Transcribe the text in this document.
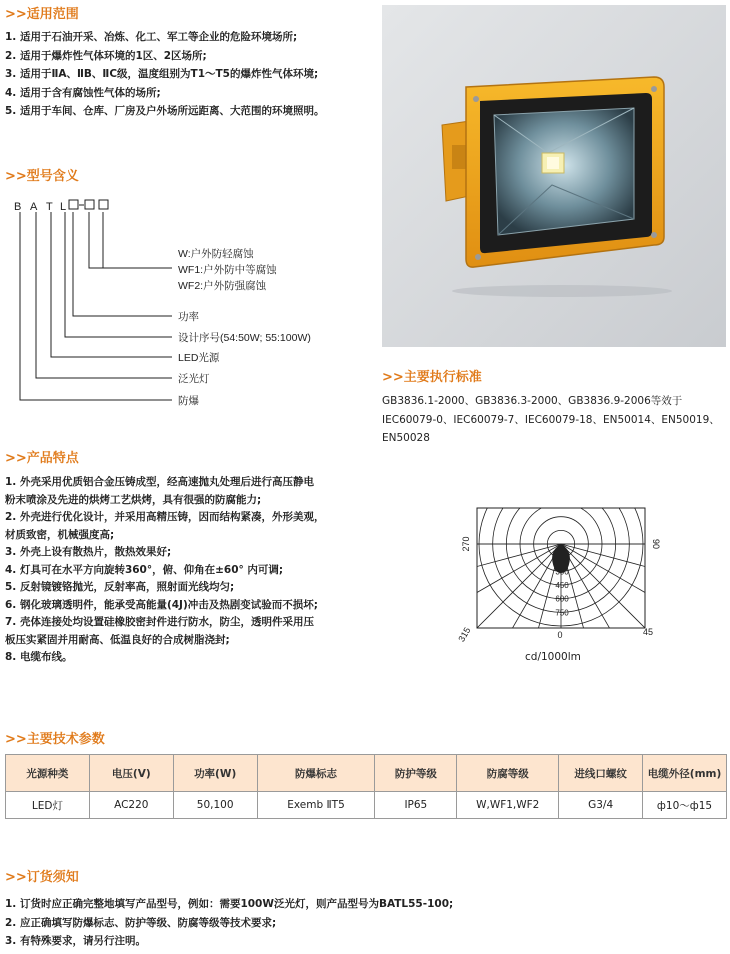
>>适用范围
1. 适用于石油开采、冶炼、化工、军工等企业的危险环境场所;
2. 适用于爆炸性气体环境的1区、2区场所;
3. 适用于ⅡA、ⅡB、ⅡC级，温度组别为T1～T5的爆炸性气体环境;
4. 适用于含有腐蚀性气体的场所;
5. 适用于车间、仓库、厂房及户外场所远距离、大范围的环境照明。
>>型号含义
B A T L
W:户外防轻腐蚀
WF1:户外防中等腐蚀
WF2:户外防强腐蚀
功率
设计序号(54:50W; 55:100W)
LED光源
泛光灯
防爆
>>主要执行标准
GB3836.1-2000、GB3836.3-2000、GB3836.9-2006等效于
IEC60079-0、IEC60079-7、IEC60079-18、EN50014、EN50019、
EN50028
>>产品特点
1. 外壳采用优质铝合金压铸成型，经高速抛丸处理后进行高压静电
粉末喷涂及先进的烘烤工艺烘烤，具有很强的防腐能力;
2. 外壳进行优化设计，并采用高精压铸，因而结构紧凑，外形美观，
材质致密，机械强度高;
3. 外壳上设有散热片，散热效果好;
4. 灯具可在水平方向旋转360°，俯、仰角在±60° 内可调;
5. 反射镜镀铬抛光，反射率高，照射面光线均匀;
6. 钢化玻璃透明件，能承受高能量(4J)冲击及热剧变试验而不损坏;
7. 壳体连接处均设置硅橡胶密封件进行防水，防尘，透明件采用压
板压实紧固并用耐高、低温良好的合成树脂浇封;
8. 电缆布线。
270	90
315	0	45
300
450
600
750
cd/1000lm
>>主要技术参数
光源种类	电压(V)	功率(W)	防爆标志	防护等级	防腐等级	进线口螺纹	电缆外径(mm)
LED灯	AC220	50,100	Exemb ⅡT5	IP65	W,WF1,WF2	G3/4	ф10～ф15
>>订货须知
1. 订货时应正确完整地填写产品型号，例如：需要100W泛光灯，则产品型号为BATL55-100;
2. 应正确填写防爆标志、防护等级、防腐等级等技术要求;
3. 有特殊要求，请另行注明。
